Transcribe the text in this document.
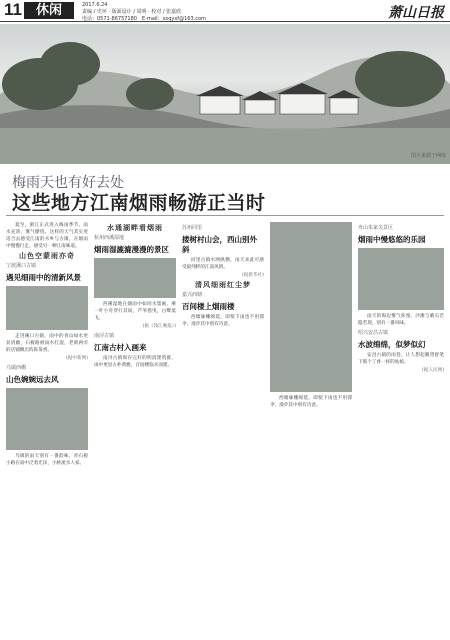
11	休闲	2017.6.24
责编 / 史环 · 版面设计 / 周明 · 校对 / 张嘉欣
电话：0571-86757180　E-mail：sxqyxf@163.com	萧山日报
图片来源于网络
梅雨天也有好去处
这些地方江南烟雨畅游正当时

夏至，浙江正式进入梅雨季节，雨水充沛，雾气缭绕。这样的天气其实更适合去感受江南的水乡与古镇，在烟雨中慢慢行走，感受另一种江南味道。

山色空蒙雨亦奇
宁波溪口古镇
遇见细雨中的清新风景

走进溪口古镇，雨中的青山绿水更显清幽，石板路被雨水打湿，老街两旁的店铺飘出阵阵茶香。

(据中新网)
乌镇西栅
山色婉婉远去风

乌镇的雨天别有一番韵味，青石板小路在雨中泛着光泽，小桥流水人家。

水通湖畔看烟雨
杭州西溪湿地
烟雨湿漉漉漫漫的景区

西溪湿地在烟雨中如同水墨画，乘一叶小舟穿行其间，芦苇摇曳，白鹭低飞。

(据《钱江晚报》)
南浔古镇
江南古村入画来

南浔古镇保存完好的明清建筑群，雨中更显古朴典雅，百间楼临水而建。

苏州同里
搂树村山会，西山别外斜

同里古镇水网纵横，雨天来此可感受最纯粹的江南风情。

(据新华社)
清风细雨红尘梦
嘉兴西塘
百间楼上烟雨楼

西塘廊棚绵延，即使下雨也不用撑伞，漫步其中别有诗意。

西塘廊棚绵延，即使下雨也不用撑伞，漫步其中别有诗意。

舟山朱家尖景区
烟雨中慢悠悠的乐园

雨天的海边雾气弥漫，沙滩与礁石若隐若现，别有一番风味。

绍兴安昌古镇
水波绵绵，似梦似幻

安昌古镇的雨巷，让人想起戴望舒笔下那个丁香一样的姑娘。

(据人民网)
